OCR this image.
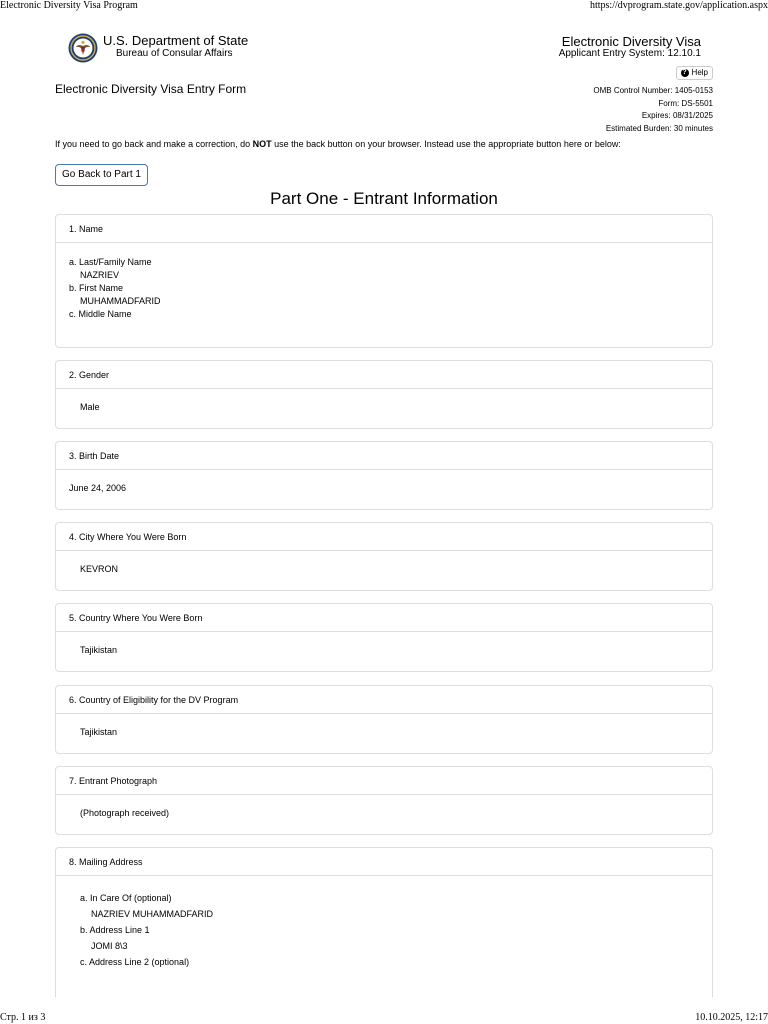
Electronic Diversity Visa Program	https://dvprogram.state.gov/application.aspx
Стр. 1 из 3	10.10.2025, 12:17
U.S. Department of State
Bureau of Consular Affairs
Electronic Diversity Visa
Applicant Entry System: 12.10.1
? Help
Electronic Diversity Visa Entry Form	OMB Control Number: 1405-0153
Form: DS-5501
Expires: 08/31/2025
Estimated Burden: 30 minutes
If you need to go back and make a correction, do NOT use the back button on your browser. Instead use the appropriate button here or below:
Go Back to Part 1
Part One - Entrant Information
1. Name
a. Last/Family Name
NAZRIEV
b. First Name
MUHAMMADFARID
c. Middle Name
2. Gender
Male
3. Birth Date
June 24, 2006
4. City Where You Were Born
KEVRON
5. Country Where You Were Born
Tajikistan
6. Country of Eligibility for the DV Program
Tajikistan
7. Entrant Photograph
(Photograph received)
8. Mailing Address
a. In Care Of (optional)
NAZRIEV MUHAMMADFARID
b. Address Line 1
JOMI 8\3
c. Address Line 2 (optional)
